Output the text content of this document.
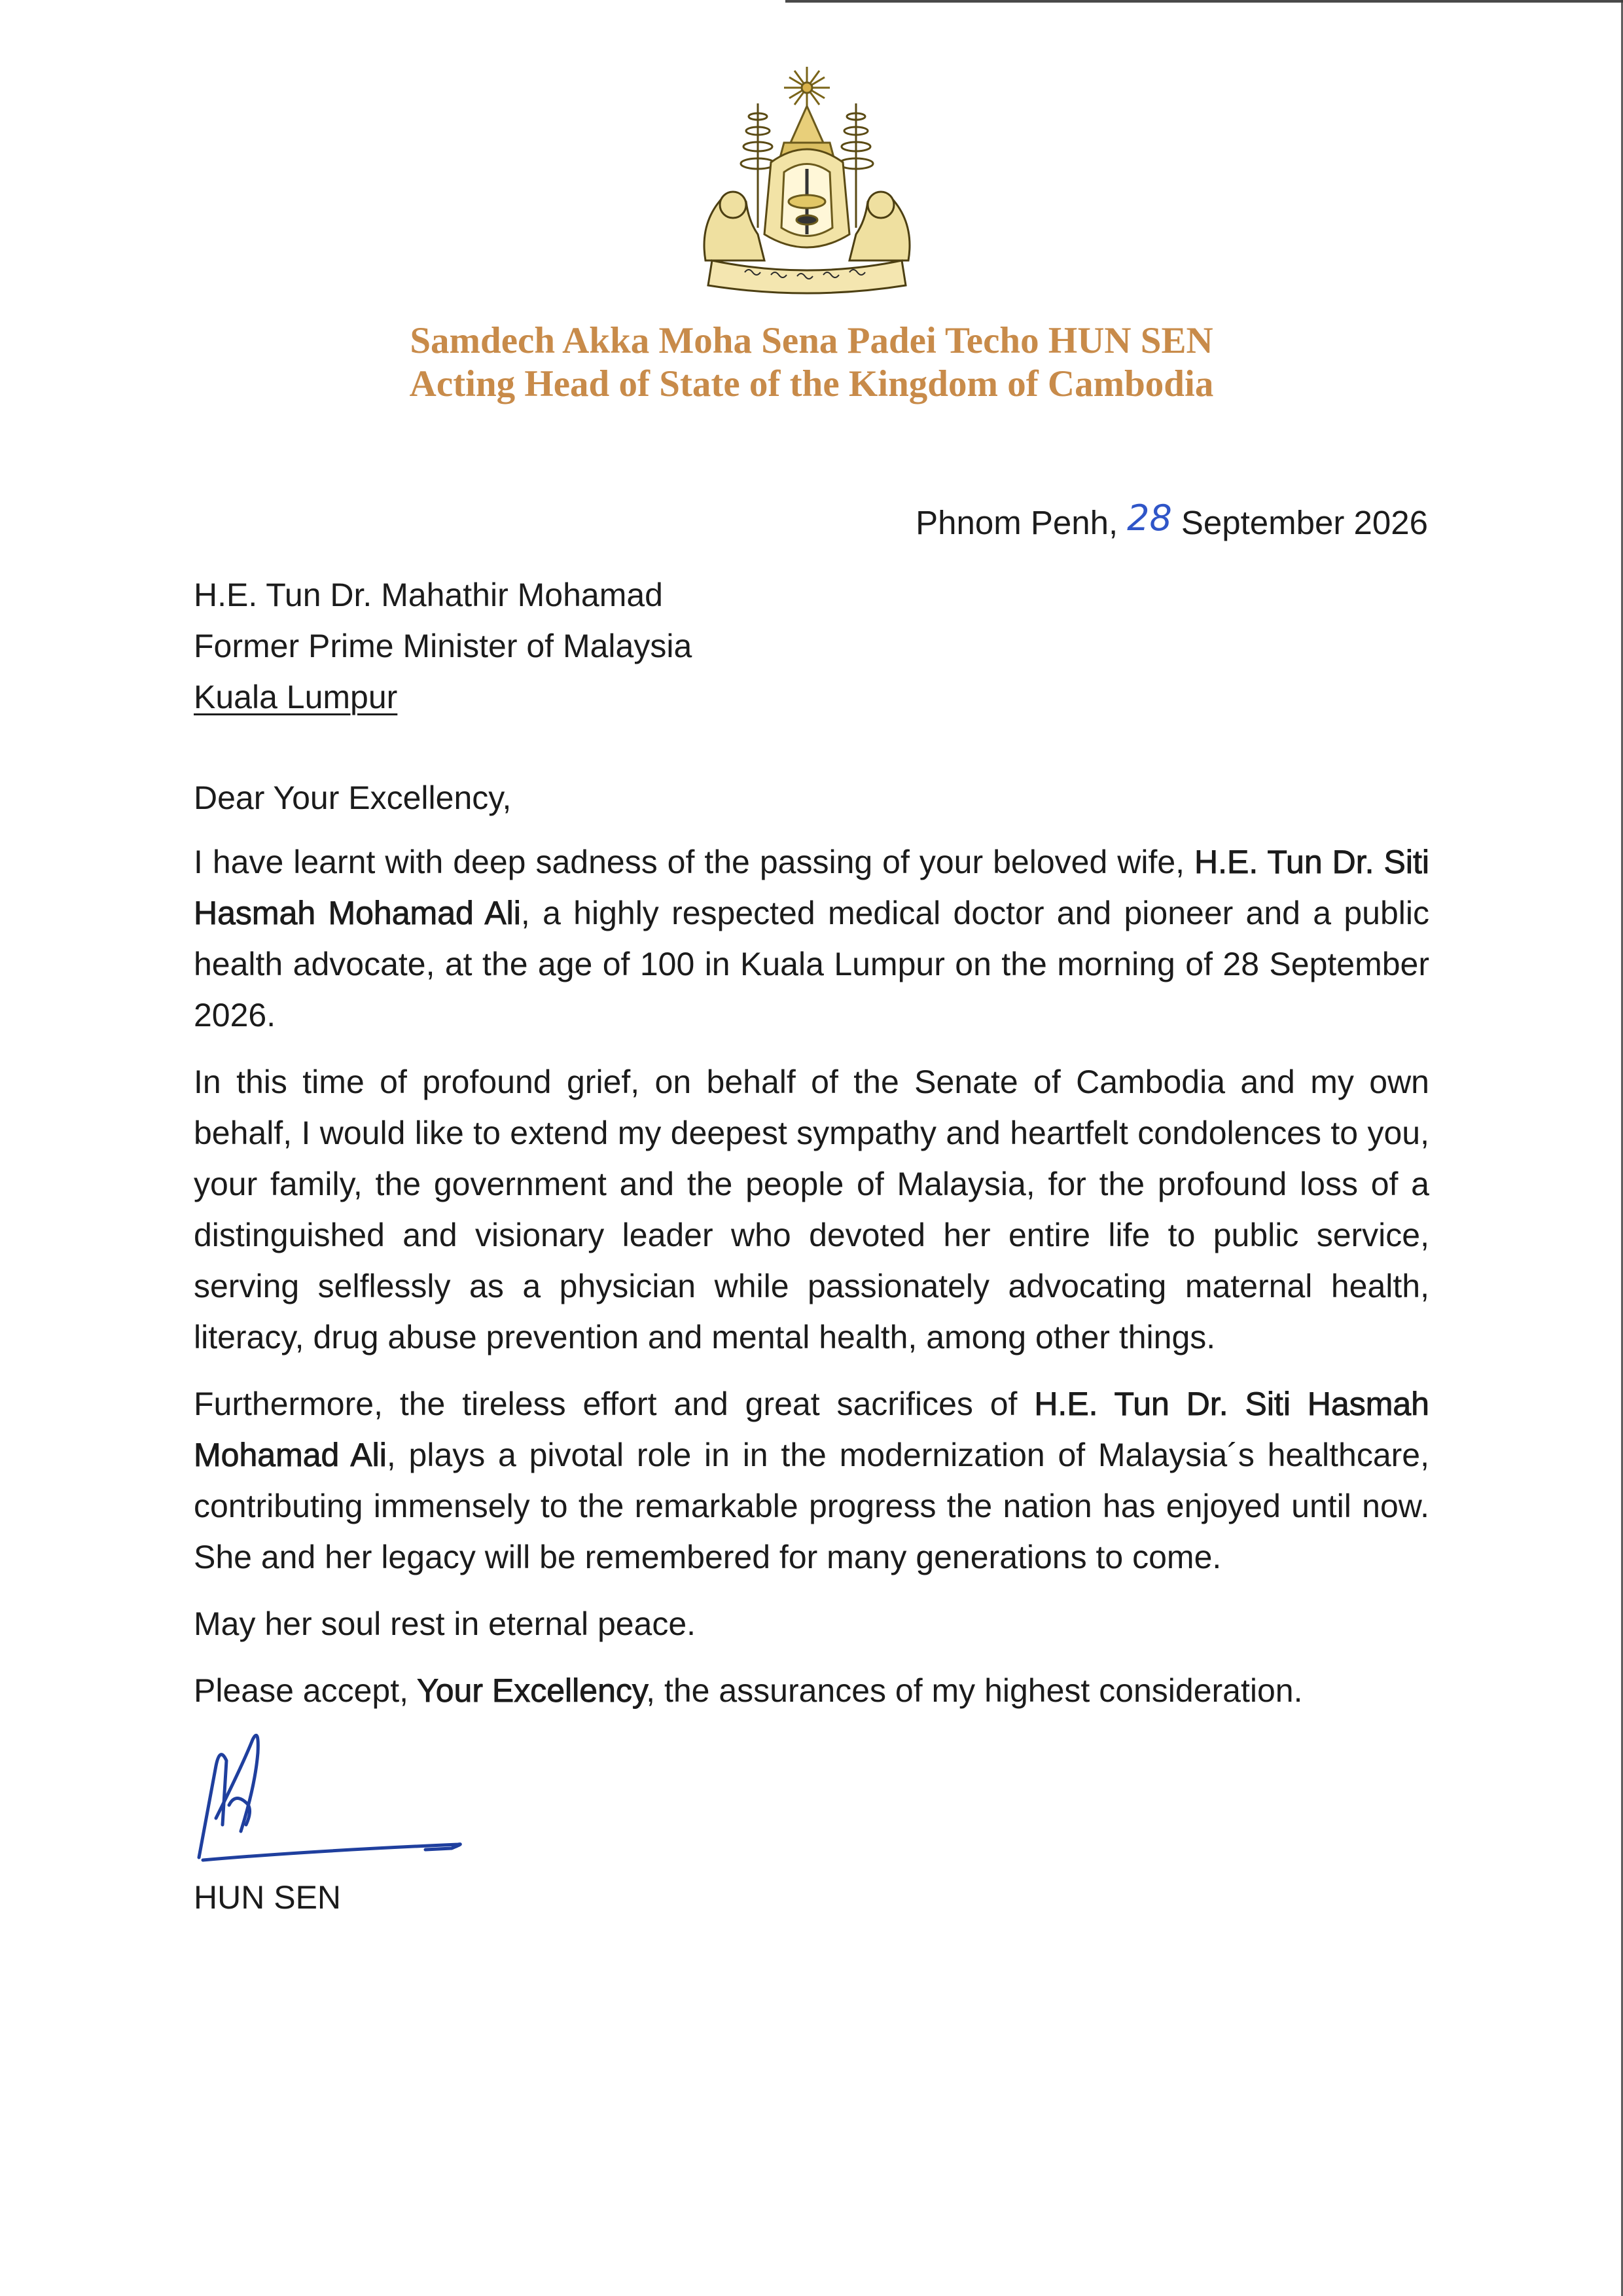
Samdech Akka Moha Sena Padei Techo HUN SEN
Acting Head of State of the Kingdom of Cambodia
Phnom Penh, 28 September 2026
H.E. Tun Dr. Mahathir Mohamad
Former Prime Minister of Malaysia
Kuala Lumpur
Dear Your Excellency,

I have learnt with deep sadness of the passing of your beloved wife, H.E. Tun Dr. Siti Hasmah Mohamad Ali, a highly respected medical doctor and pioneer and a public health advocate, at the age of 100 in Kuala Lumpur on the morning of 28 September 2026.

In this time of profound grief, on behalf of the Senate of Cambodia and my own behalf, I would like to extend my deepest sympathy and heartfelt condolences to you, your family, the government and the people of Malaysia, for the profound loss of a distinguished and visionary leader who devoted her entire life to public service, serving selflessly as a physician while passionately advocating maternal health, literacy, drug abuse prevention and mental health, among other things.

Furthermore, the tireless effort and great sacrifices of H.E. Tun Dr. Siti Hasmah Mohamad Ali, plays a pivotal role in in the modernization of Malaysia´s healthcare, contributing immensely to the remarkable progress the nation has enjoyed until now. She and her legacy will be remembered for many generations to come.

May her soul rest in eternal peace.

Please accept, Your Excellency, the assurances of my highest consideration.

HUN SEN
